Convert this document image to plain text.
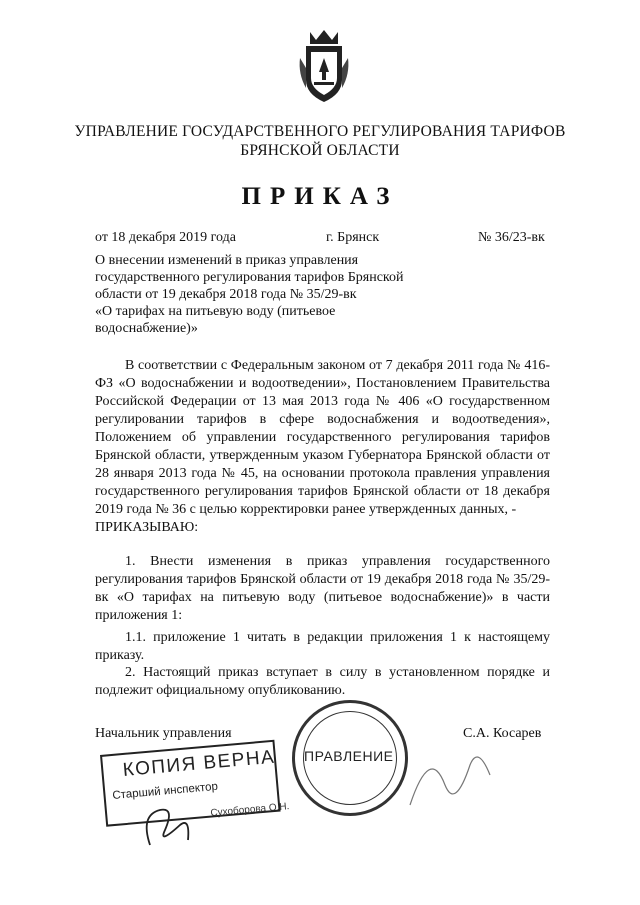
УПРАВЛЕНИЕ ГОСУДАРСТВЕННОГО РЕГУЛИРОВАНИЯ ТАРИФОВ
БРЯНСКОЙ ОБЛАСТИ
ПРИКАЗ
от 18 декабря 2019 года	г. Брянск	№ 36/23-вк
О внесении изменений в приказ управления
государственного регулирования тарифов Брянской
области от 19 декабря 2018 года № 35/29-вк
«О тарифах на питьевую воду (питьевое
водоснабжение)»
В соответствии с Федеральным законом от 7 декабря 2011 года № 416-ФЗ «О водоснабжении и водоотведении», Постановлением Правительства Российской Федерации от 13 мая 2013 года № 406 «О государственном регулировании тарифов в сфере водоснабжения и водоотведения», Положением об управлении государственного регулирования тарифов Брянской области, утвержденным указом Губернатора Брянской области от 28 января 2013 года № 45, на основании протокола правления управления государственного регулирования тарифов Брянской области от 18 декабря 2019 года № 36 с целью корректировки ранее утвержденных данных, -
ПРИКАЗЫВАЮ:
1. Внести изменения в приказ управления государственного регулирования тарифов Брянской области от 19 декабря 2018 года № 35/29-вк «О тарифах на питьевую воду (питьевое водоснабжение)» в части приложения 1:
1.1. приложение 1 читать в редакции приложения 1 к настоящему приказу.
2. Настоящий приказ вступает в силу в установленном порядке и подлежит официальному опубликованию.
Начальник управления	С.А. Косарев
ПРАВЛЕНИЕ
КОПИЯ ВЕРНА
Старший инспектор
Сухоборова О.Н.
